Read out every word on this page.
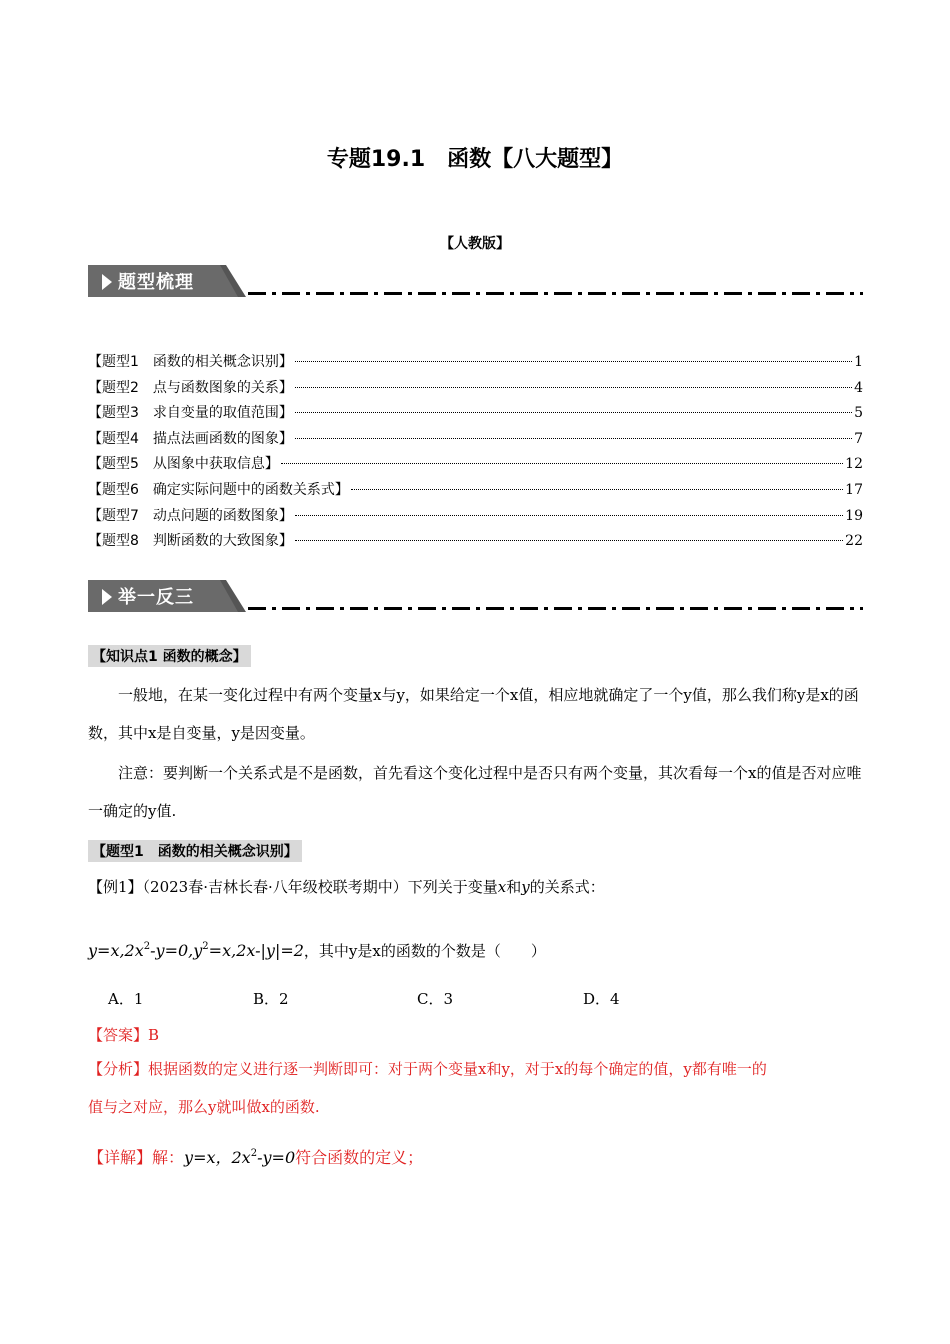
专题19.1　函数【八大题型】
【人教版】
题型梳理
【题型1　函数的相关概念识别】	1
【题型2　点与函数图象的关系】	4
【题型3　求自变量的取值范围】	5
【题型4　描点法画函数的图象】	7
【题型5　从图象中获取信息】	12
【题型6　确定实际问题中的函数关系式】	17
【题型7　动点问题的函数图象】	19
【题型8　判断函数的大致图象】	22
举一反三
【知识点1 函数的概念】
一般地，在某一变化过程中有两个变量x与y，如果给定一个x值，相应地就确定了一个y值，那么我们称y是x的函数，其中x是自变量，y是因变量。
注意：要判断一个关系式是不是函数，首先看这个变化过程中是否只有两个变量，其次看每一个x的值是否对应唯一确定的y值.
【题型1　函数的相关概念识别】
【例1】（2023春·吉林长春·八年级校联考期中）下列关于变量x和y的关系式：
$y=x,2x^2-y=0,y^2=x,2x-|y|=2$，其中y是x的函数的个数是（　　）
A．1	B．2	C．3	D．4
【答案】B
【分析】根据函数的定义进行逐一判断即可：对于两个变量x和y，对于x的每个确定的值，y都有唯一的
值与之对应，那么y就叫做x的函数.
【详解】解：y=x，$2x^2-y=0$符合函数的定义；
